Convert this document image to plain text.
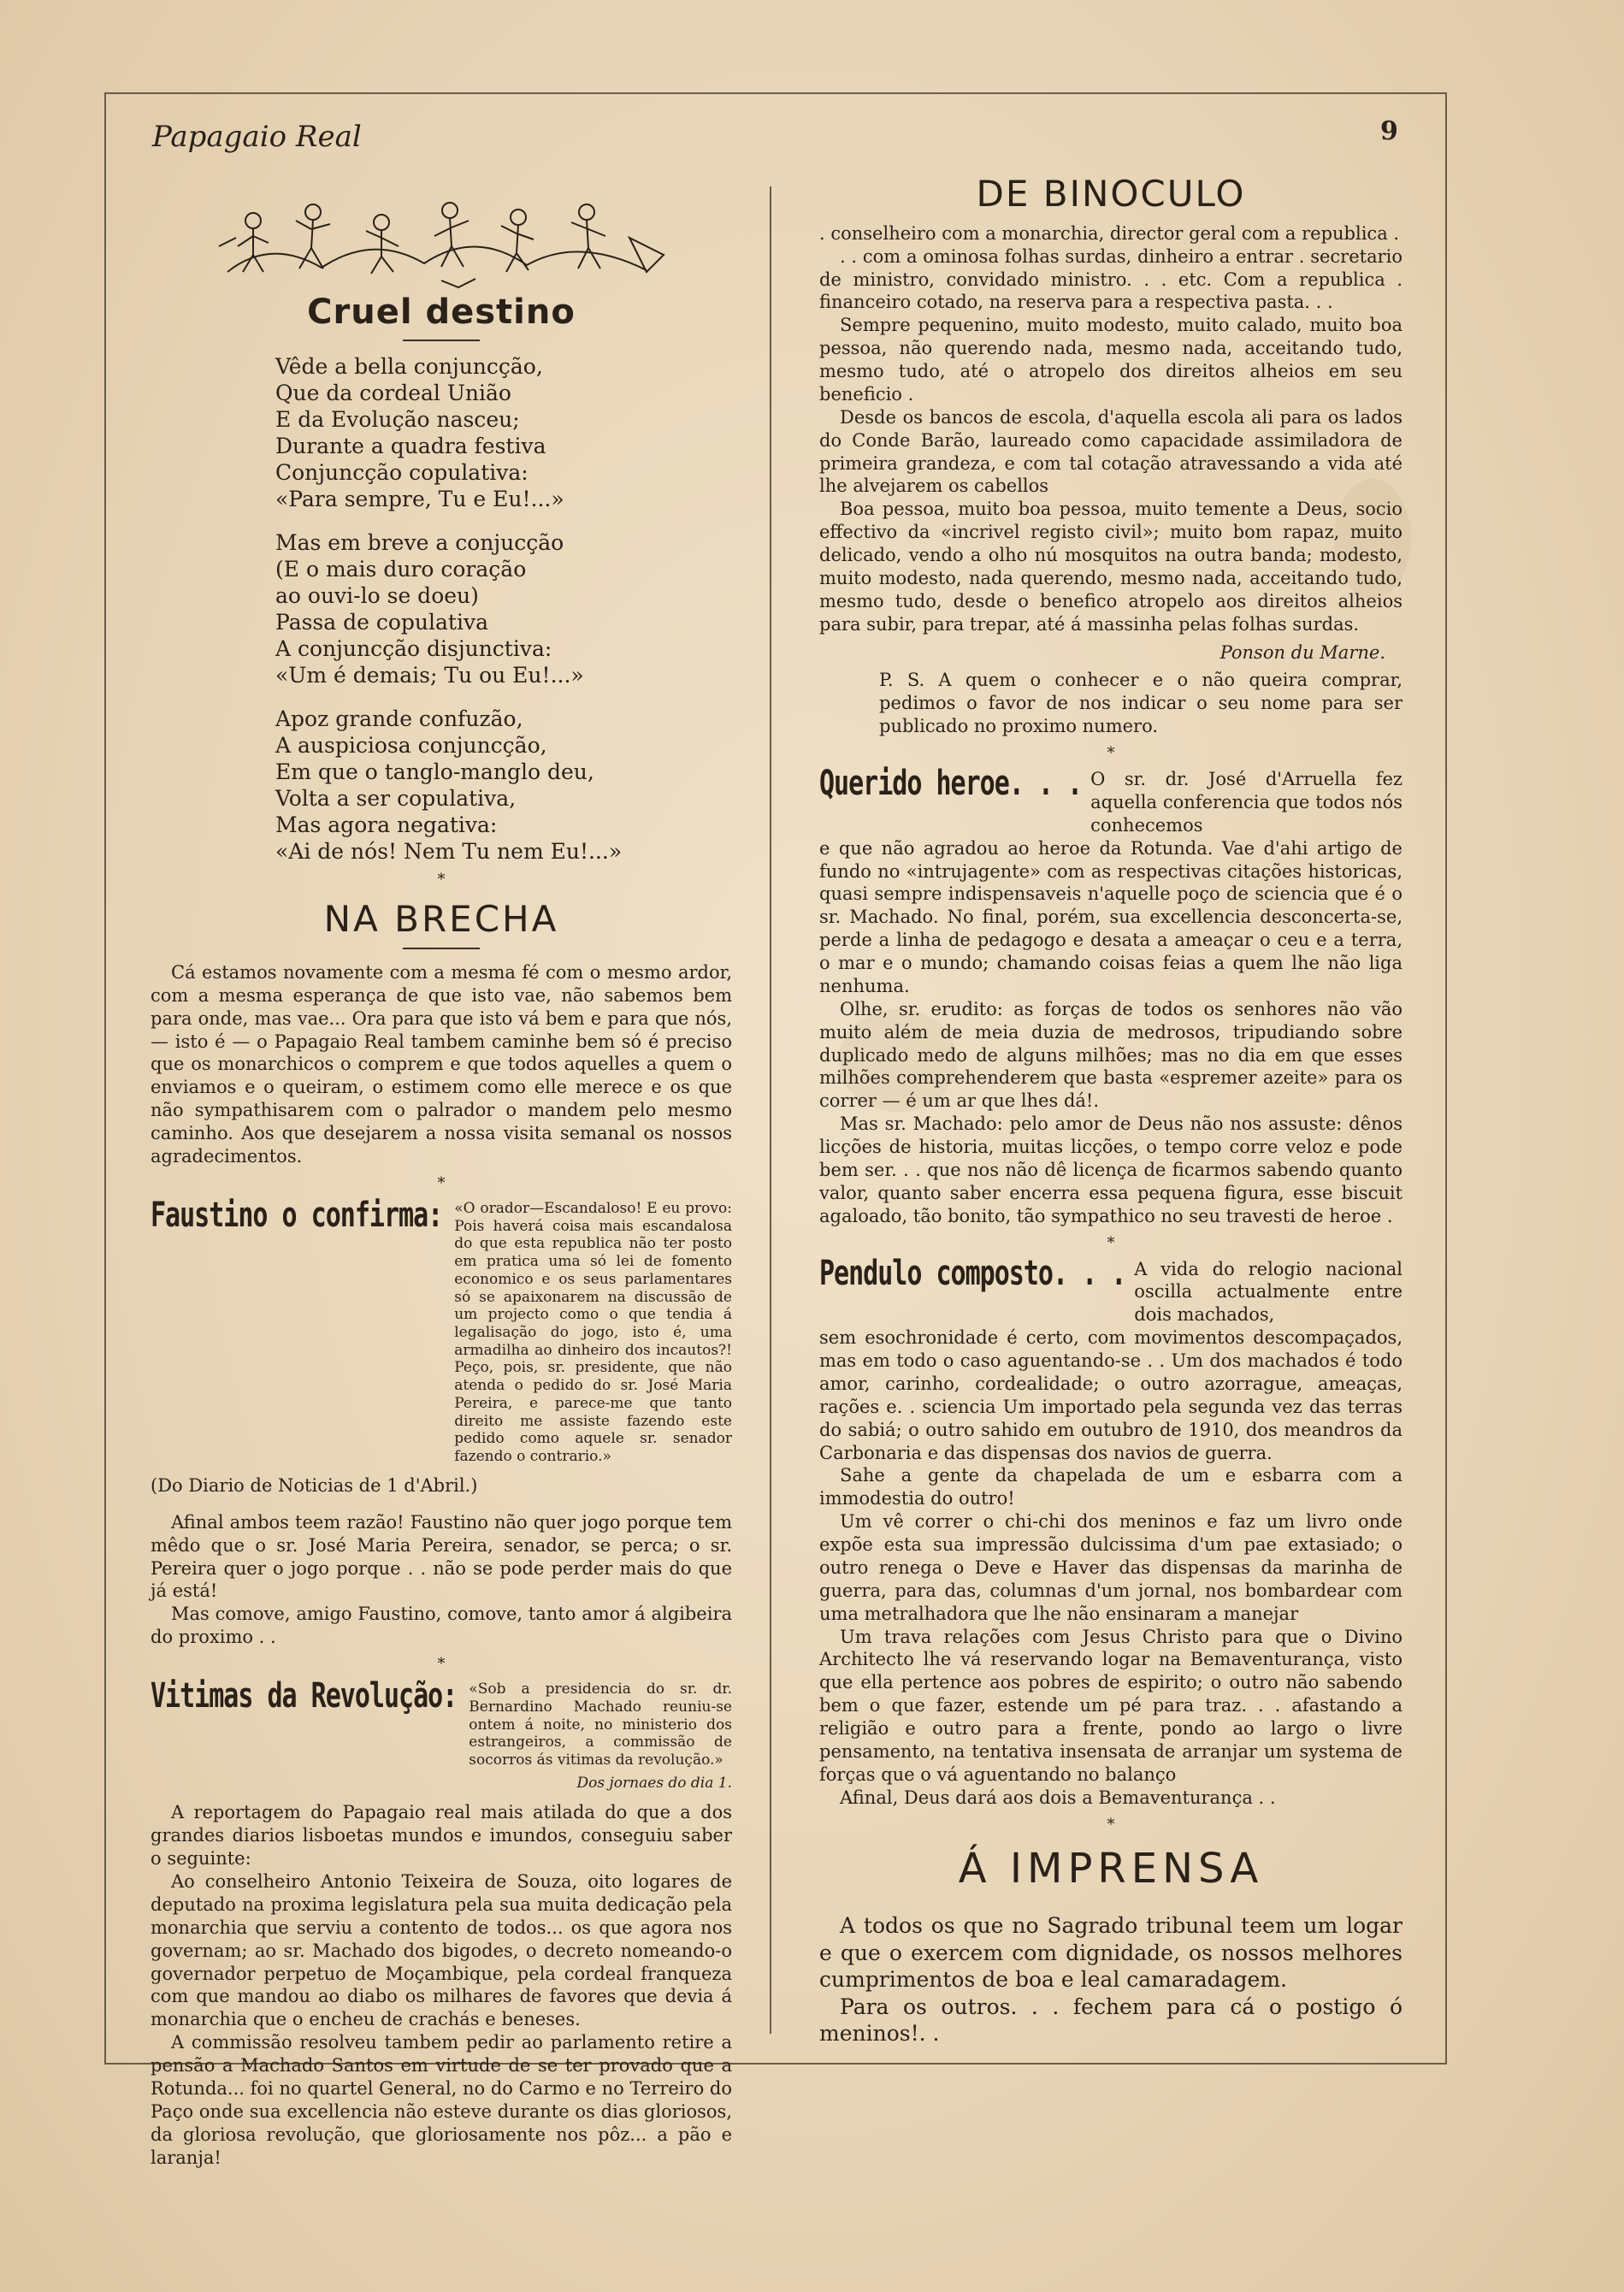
Papagaio Real	9
Cruel destino
Vêde a bella conjuncção,
Que da cordeal União
E da Evolução nasceu;
Durante a quadra festiva
Conjuncção copulativa:
«Para sempre, Tu e Eu!...»
Mas em breve a conjucção
(E o mais duro coração
ao ouvi-lo se doeu)
Passa de copulativa
A conjuncção disjunctiva:
«Um é demais; Tu ou Eu!...»
Apoz grande confuzão,
A auspiciosa conjuncção,
Em que o tanglo-manglo deu,
Volta a ser copulativa,
Mas agora negativa:
«Ai de nós! Nem Tu nem Eu!...»
*
NA BRECHA

Cá estamos novamente com a mesma fé com o mesmo ardor, com a mesma esperança de que isto vae, não sabemos bem para onde, mas vae... Ora para que isto vá bem e para que nós, — isto é — o Papagaio Real tambem caminhe bem só é preciso que os monarchicos o comprem e que todos aquelles a quem o enviamos e o queiram, o estimem como elle merece e os que não sympathisarem com o palrador o mandem pelo mesmo caminho. Aos que desejarem a nossa visita semanal os nossos agradecimentos.

*
Faustino o confirma: «O orador—Escandaloso! E eu provo: Pois haverá coisa mais escandalosa do que esta republica não ter posto em pratica uma só lei de fomento economico e os seus parlamentares só se apaixonarem na discussão de um projecto como o que tendia á legalisação do jogo, isto é, uma armadilha ao dinheiro dos incautos?! Peço, pois, sr. presidente, que não atenda o pedido do sr. José Maria Pereira, e parece-me que tanto direito me assiste fazendo este pedido como aquele sr. senador fazendo o contrario.»
(Do Diario de Noticias de 1 d'Abril.)

Afinal ambos teem razão! Faustino não quer jogo porque tem mêdo que o sr. José Maria Pereira, senador, se perca; o sr. Pereira quer o jogo porque . . não se pode perder mais do que já está!

Mas comove, amigo Faustino, comove, tanto amor á algibeira do proximo . .

*
Vitimas da Revolução: «Sob a presidencia do sr. dr. Bernardino Machado reuniu-se ontem á noite, no ministerio dos estrangeiros, a commissão de socorros ás vitimas da revolução.»
Dos jornaes do dia 1.

A reportagem do Papagaio real mais atilada do que a dos grandes diarios lisboetas mundos e imundos, conseguiu saber o seguinte:

Ao conselheiro Antonio Teixeira de Souza, oito logares de deputado na proxima legislatura pela sua muita dedicação pela monarchia que serviu a contento de todos... os que agora nos governam; ao sr. Machado dos bigodes, o decreto nomeando-o governador perpetuo de Moçambique, pela cordeal franqueza com que mandou ao diabo os milhares de favores que devia á monarchia que o encheu de crachás e beneses.

A commissão resolveu tambem pedir ao parlamento retire a pensão a Machado Santos em virtude de se ter provado que a Rotunda... foi no quartel General, no do Carmo e no Terreiro do Paço onde sua excellencia não esteve durante os dias gloriosos, da gloriosa revolução, que gloriosamente nos pôz... a pão e laranja!

DE BINOCULO

. conselheiro com a monarchia, director geral com a republica .

. . com a ominosa folhas surdas, dinheiro a entrar . secretario de ministro, convidado ministro. . . etc. Com a republica . financeiro cotado, na reserva para a respectiva pasta. . .

Sempre pequenino, muito modesto, muito calado, muito boa pessoa, não querendo nada, mesmo nada, acceitando tudo, mesmo tudo, até o atropelo dos direitos alheios em seu beneficio .

Desde os bancos de escola, d'aquella escola ali para os lados do Conde Barão, laureado como capacidade assimiladora de primeira grandeza, e com tal cotação atravessando a vida até lhe alvejarem os cabellos

Boa pessoa, muito boa pessoa, muito temente a Deus, socio effectivo da «incrivel registo civil»; muito bom rapaz, muito delicado, vendo a olho nú mosquitos na outra banda; modesto, muito modesto, nada querendo, mesmo nada, acceitando tudo, mesmo tudo, desde o benefico atropelo aos direitos alheios para subir, para trepar, até á massinha pelas folhas surdas.

Ponson du Marne.

P. S. A quem o conhecer e o não queira comprar, pedimos o favor de nos indicar o seu nome para ser publicado no proximo numero.

*
Querido heroe. . . O sr. dr. José d'Arruella fez aquella conferencia que todos nós conhecemos

e que não agradou ao heroe da Rotunda. Vae d'ahi artigo de fundo no «intrujagente» com as respectivas citações historicas, quasi sempre indispensaveis n'aquelle poço de sciencia que é o sr. Machado. No final, porém, sua excellencia desconcerta-se, perde a linha de pedagogo e desata a ameaçar o ceu e a terra, o mar e o mundo; chamando coisas feias a quem lhe não liga nenhuma.

Olhe, sr. erudito: as forças de todos os senhores não vão muito além de meia duzia de medrosos, tripudiando sobre duplicado medo de alguns milhões; mas no dia em que esses milhões comprehenderem que basta «espremer azeite» para os correr — é um ar que lhes dá!.

Mas sr. Machado: pelo amor de Deus não nos assuste: dênos licções de historia, muitas licções, o tempo corre veloz e pode bem ser. . . que nos não dê licença de ficarmos sabendo quanto valor, quanto saber encerra essa pequena figura, esse biscuit agaloado, tão bonito, tão sympathico no seu travesti de heroe .

*
Pendulo composto. . . A vida do relogio nacional oscilla actualmente entre dois machados,

sem esochronidade é certo, com movimentos descompaçados, mas em todo o caso aguentando-se . . Um dos machados é todo amor, carinho, cordealidade; o outro azorrague, ameaças, rações e. . sciencia Um importado pela segunda vez das terras do sabiá; o outro sahido em outubro de 1910, dos meandros da Carbonaria e das dispensas dos navios de guerra.

Sahe a gente da chapelada de um e esbarra com a immodestia do outro!

Um vê correr o chi-chi dos meninos e faz um livro onde expõe esta sua impressão dulcissima d'um pae extasiado; o outro renega o Deve e Haver das dispensas da marinha de guerra, para das, columnas d'um jornal, nos bombardear com uma metralhadora que lhe não ensinaram a manejar

Um trava relações com Jesus Christo para que o Divino Architecto lhe vá reservando logar na Bemaventurança, visto que ella pertence aos pobres de espirito; o outro não sabendo bem o que fazer, estende um pé para traz. . . afastando a religião e outro para a frente, pondo ao largo o livre pensamento, na tentativa insensata de arranjar um systema de forças que o vá aguentando no balanço

Afinal, Deus dará aos dois a Bemaventurança . .

*
Á IMPRENSA

A todos os que no Sagrado tribunal teem um logar e que o exercem com dignidade, os nossos melhores cumprimentos de boa e leal camaradagem.

Para os outros. . . fechem para cá o postigo ó meninos!. .
